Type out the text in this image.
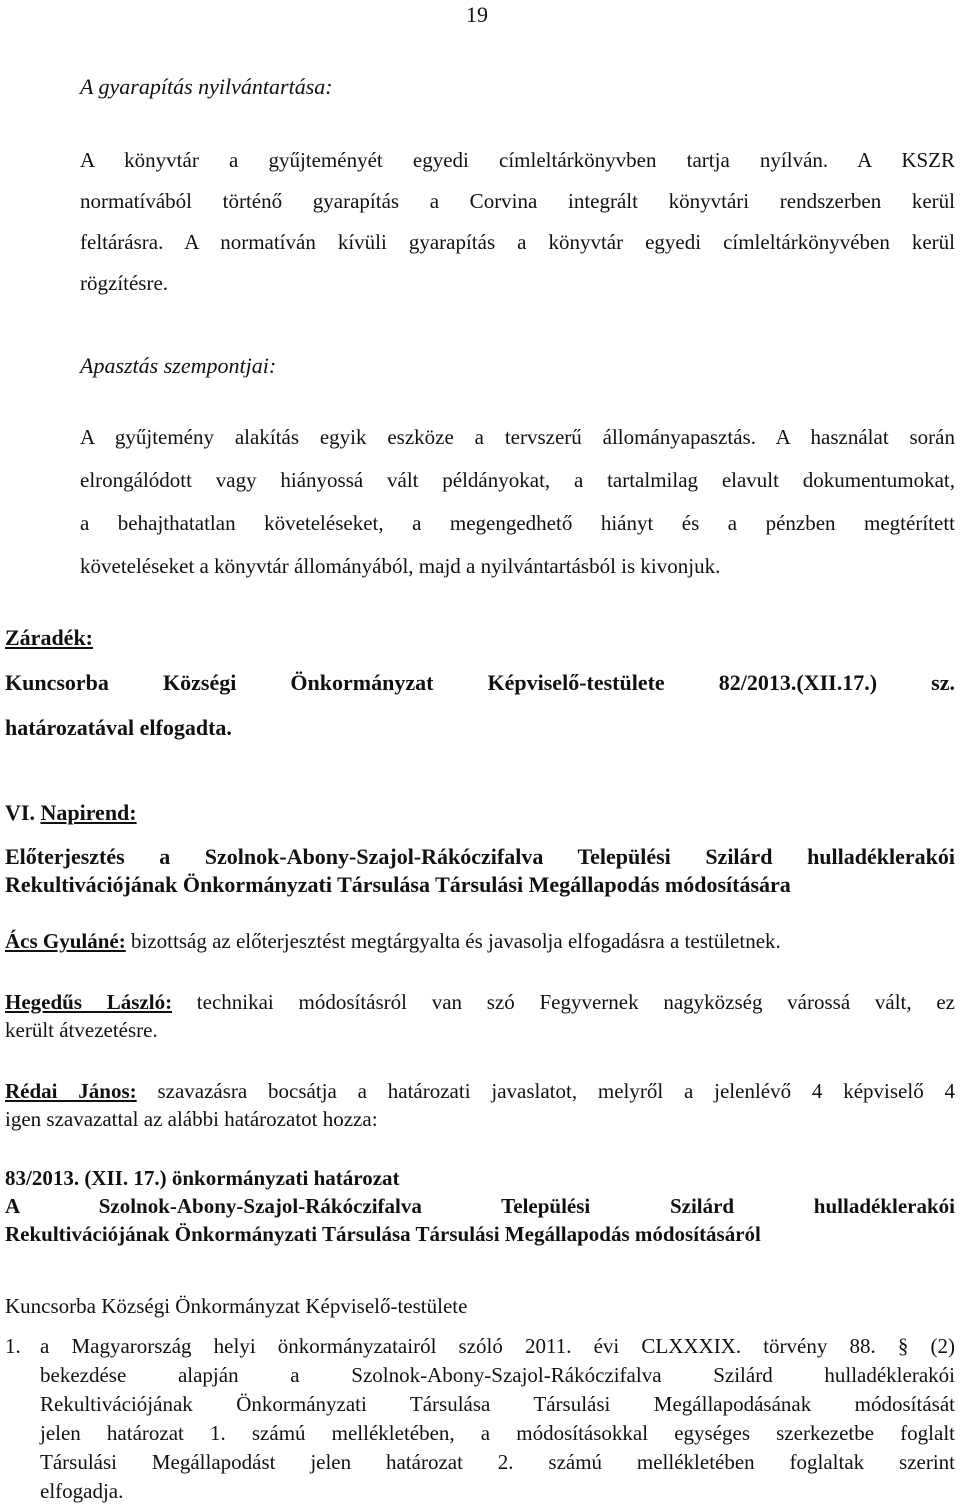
19
A gyarapítás nyilvántartása:
A könyvtár a gyűjteményét egyedi címleltárkönyvben tartja nyílván. A KSZR
normatívából történő gyarapítás a Corvina integrált könyvtári rendszerben kerül
feltárásra. A normatíván kívüli gyarapítás a könyvtár egyedi címleltárkönyvében kerül
rögzítésre.
Apasztás szempontjai:
A gyűjtemény alakítás egyik eszköze a tervszerű állományapasztás. A használat során
elrongálódott vagy hiányossá vált példányokat, a tartalmilag elavult dokumentumokat,
a behajthatatlan követeléseket, a megengedhető hiányt és a pénzben megtérített
követeléseket a könyvtár állományából, majd a nyilvántartásból is kivonjuk.
Záradék:
Kuncsorba Községi Önkormányzat Képviselő-testülete 82/2013.(XII.17.) sz.
határozatával elfogadta.
VI. Napirend:
Előterjesztés a Szolnok-Abony-Szajol-Rákóczifalva Települési Szilárd hulladéklerakói
Rekultivációjának Önkormányzati Társulása Társulási Megállapodás módosítására
Ács Gyuláné: bizottság az előterjesztést megtárgyalta és javasolja elfogadásra a testületnek.
Hegedűs László: technikai módosításról van szó Fegyvernek nagyközség várossá vált, ez
került átvezetésre.
Rédai János: szavazásra bocsátja a határozati javaslatot, melyről a jelenlévő 4 képviselő 4
igen szavazattal az alábbi határozatot hozza:
83/2013. (XII. 17.) önkormányzati határozat
A Szolnok-Abony-Szajol-Rákóczifalva Települési Szilárd hulladéklerakói
Rekultivációjának Önkormányzati Társulása Társulási Megállapodás módosításáról
Kuncsorba Községi Önkormányzat Képviselő-testülete
1. a Magyarország helyi önkormányzatairól szóló 2011. évi CLXXXIX. törvény 88. § (2)
bekezdése alapján a Szolnok-Abony-Szajol-Rákóczifalva Szilárd hulladéklerakói
Rekultivációjának Önkormányzati Társulása Társulási Megállapodásának módosítását
jelen határozat 1. számú mellékletében, a módosításokkal egységes szerkezetbe foglalt
Társulási Megállapodást jelen határozat 2. számú mellékletében foglaltak szerint
elfogadja.
